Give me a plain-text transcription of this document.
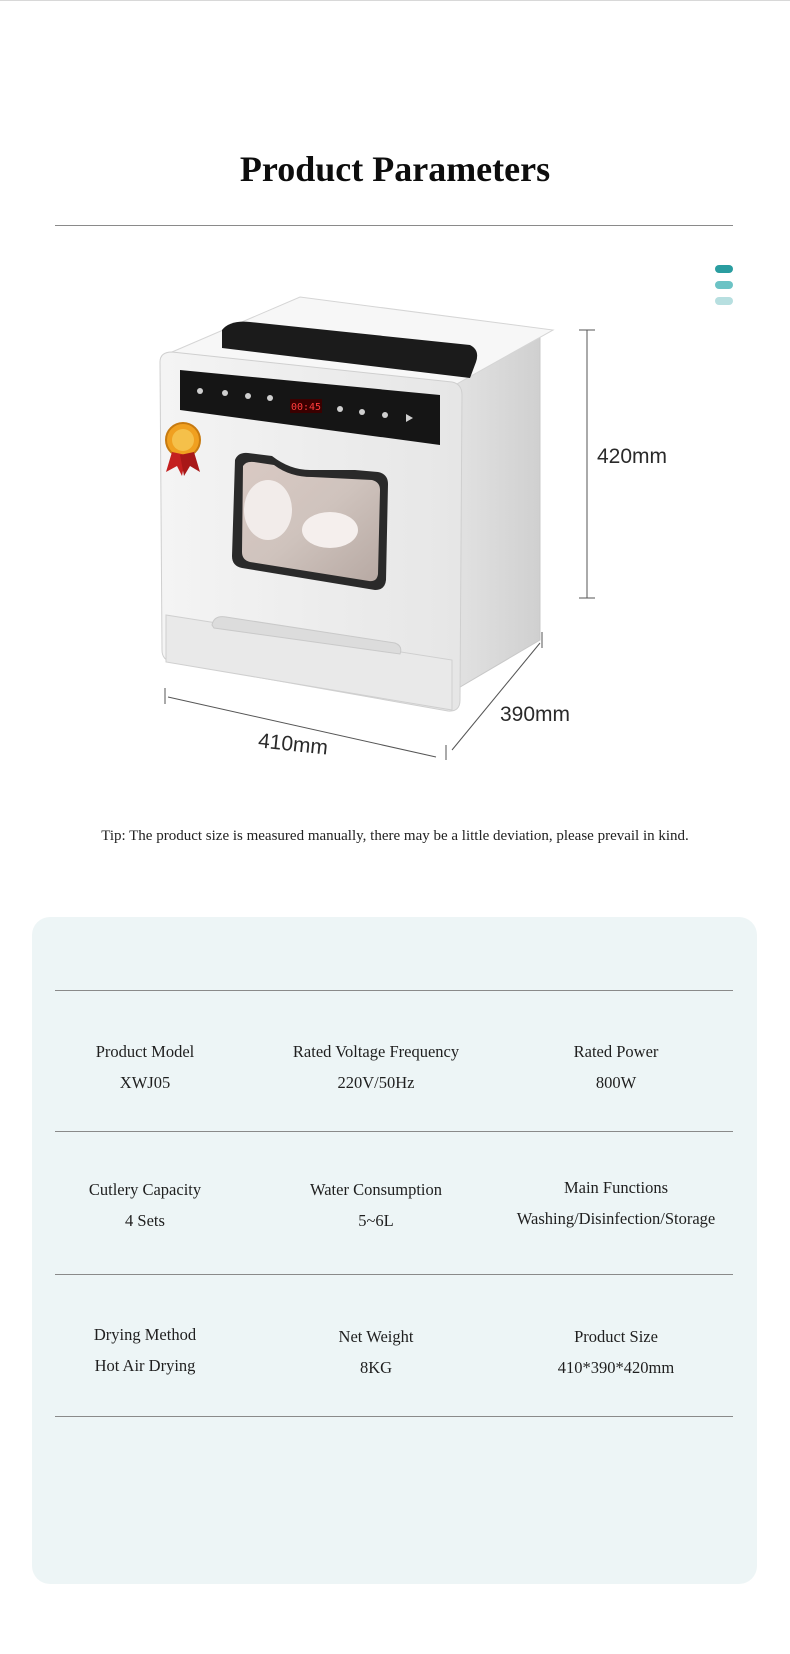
Product Parameters
00:45
420mm
390mm
410mm
Tip: The product size is measured manually, there may be a little deviation, please prevail in kind.
Product Model
XWJ05
Rated Voltage Frequency
220V/50Hz
Rated Power
800W
Cutlery Capacity
4 Sets
Water Consumption
5~6L
Main Functions
Washing/Disinfection/Storage
Drying Method
Hot Air Drying
Net Weight
8KG
Product Size
410*390*420mm
